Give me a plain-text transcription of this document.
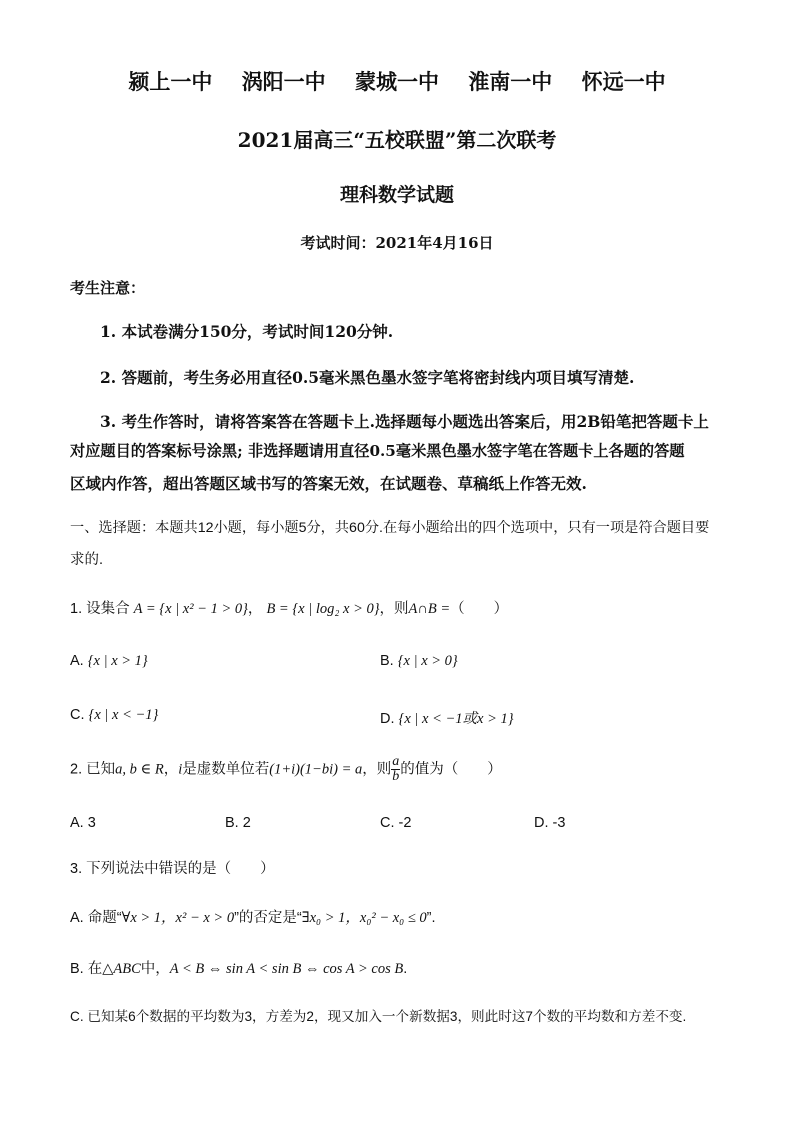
颍上一中 涡阳一中 蒙城一中 淮南一中 怀远一中
2021届高三“五校联盟”第二次联考
理科数学试题
考试时间：2021年4月16日
考生注意：
1. 本试卷满分150分，考试时间120分钟.
2. 答题前，考生务必用直径0.5毫米黑色墨水签字笔将密封线内项目填写清楚.
3. 考生作答时，请将答案答在答题卡上.选择题每小题选出答案后，用2B铅笔把答题卡上
对应题目的答案标号涂黑; 非选择题请用直径0.5毫米黑色墨水签字笔在答题卡上各题的答题
区域内作答，超出答题区域书写的答案无效，在试题卷、草稿纸上作答无效.
一、选择题：本题共12小题，每小题5分，共60分.在每小题给出的四个选项中，只有一项是符合题目要
求的.
1. 设集合 A = {x | x² − 1 > 0}， B = {x | log₂ x > 0}，则A∩B =（　　）
A. {x | x > 1}	B. {x | x > 0}
C. {x | x < −1}	D. {x | x < −1或x > 1}
2. 已知a, b ∈ R，i是虚数单位若(1+i)(1−bi) = a，则 $\frac{a}{b}$ 的值为（　　）
A. 3	B. 2	C. -2	D. -3
3. 下列说法中错误的是（　　）
A. 命题“∀x > 1，x² − x > 0”的否定是“∃x₀ > 1，x₀² − x₀ ≤ 0”.
B. 在△ABC中，A < B ⇔ sin A < sin B ⇔ cos A > cos B.
C. 已知某6个数据的平均数为3，方差为2，现又加入一个新数据3，则此时这7个数的平均数和方差不变.
